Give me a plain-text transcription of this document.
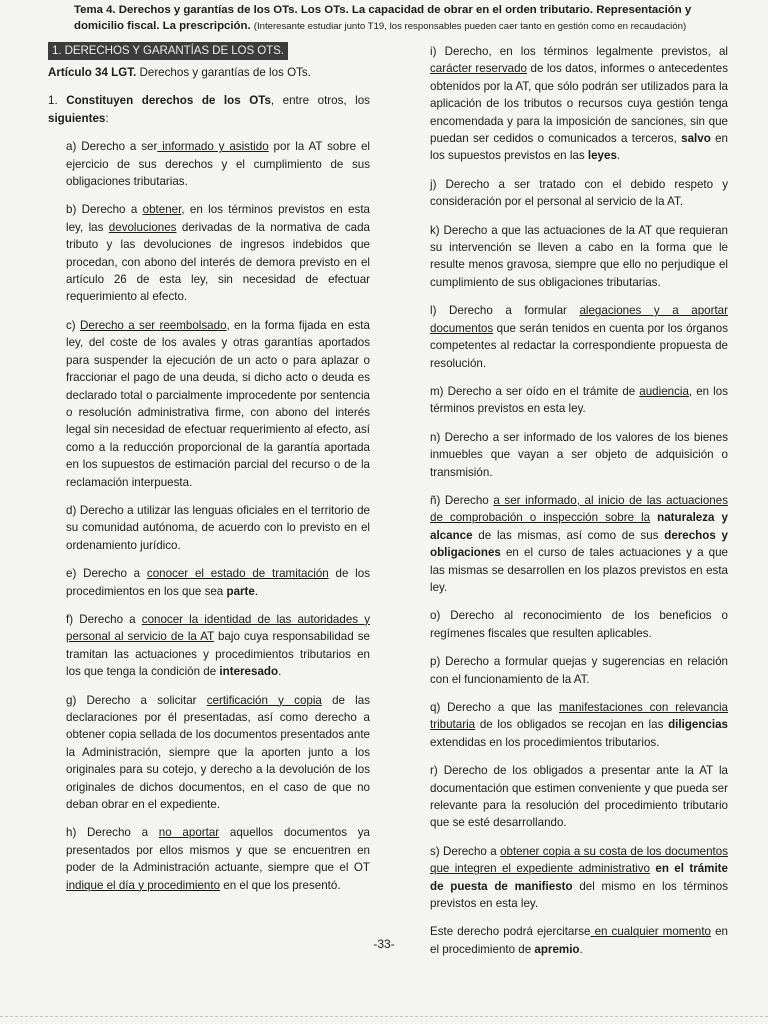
Tema 4. Derechos y garantías de los OTs. Los OTs. La capacidad de obrar en el orden tributario. Representación y domicilio fiscal. La prescripción. (Interesante estudiar junto T19, los responsables pueden caer tanto en gestión como en recaudación)
1. DERECHOS Y GARANTÍAS DE LOS OTS.

Artículo 34 LGT. Derechos y garantías de los OTs.

1. Constituyen derechos de los OTs, entre otros, los siguientes:

a) Derecho a ser informado y asistido por la AT sobre el ejercicio de sus derechos y el cumplimiento de sus obligaciones tributarias.

b) Derecho a obtener, en los términos previstos en esta ley, las devoluciones derivadas de la normativa de cada tributo y las devoluciones de ingresos indebidos que procedan, con abono del interés de demora previsto en el artículo 26 de esta ley, sin necesidad de efectuar requerimiento al efecto.

c) Derecho a ser reembolsado, en la forma fijada en esta ley, del coste de los avales y otras garantías aportados para suspender la ejecución de un acto o para aplazar o fraccionar el pago de una deuda, si dicho acto o deuda es declarado total o parcialmente improcedente por sentencia o resolución administrativa firme, con abono del interés legal sin necesidad de efectuar requerimiento al efecto, así como a la reducción proporcional de la garantía aportada en los supuestos de estimación parcial del recurso o de la reclamación interpuesta.

d) Derecho a utilizar las lenguas oficiales en el territorio de su comunidad autónoma, de acuerdo con lo previsto en el ordenamiento jurídico.

e) Derecho a conocer el estado de tramitación de los procedimientos en los que sea parte.

f) Derecho a conocer la identidad de las autoridades y personal al servicio de la AT bajo cuya responsabilidad se tramitan las actuaciones y procedimientos tributarios en los que tenga la condición de interesado.

g) Derecho a solicitar certificación y copia de las declaraciones por él presentadas, así como derecho a obtener copia sellada de los documentos presentados ante la Administración, siempre que la aporten junto a los originales para su cotejo, y derecho a la devolución de los originales de dichos documentos, en el caso de que no deban obrar en el expediente.

h) Derecho a no aportar aquellos documentos ya presentados por ellos mismos y que se encuentren en poder de la Administración actuante, siempre que el OT indique el día y procedimiento en el que los presentó.

i) Derecho, en los términos legalmente previstos, al carácter reservado de los datos, informes o antecedentes obtenidos por la AT, que sólo podrán ser utilizados para la aplicación de los tributos o recursos cuya gestión tenga encomendada y para la imposición de sanciones, sin que puedan ser cedidos o comunicados a terceros, salvo en los supuestos previstos en las leyes.

j) Derecho a ser tratado con el debido respeto y consideración por el personal al servicio de la AT.

k) Derecho a que las actuaciones de la AT que requieran su intervención se lleven a cabo en la forma que le resulte menos gravosa, siempre que ello no perjudique el cumplimiento de sus obligaciones tributarias.

l) Derecho a formular alegaciones y a aportar documentos que serán tenidos en cuenta por los órganos competentes al redactar la correspondiente propuesta de resolución.

m) Derecho a ser oído en el trámite de audiencia, en los términos previstos en esta ley.

n) Derecho a ser informado de los valores de los bienes inmuebles que vayan a ser objeto de adquisición o transmisión.

ñ) Derecho a ser informado, al inicio de las actuaciones de comprobación o inspección sobre la naturaleza y alcance de las mismas, así como de sus derechos y obligaciones en el curso de tales actuaciones y a que las mismas se desarrollen en los plazos previstos en esta ley.

o) Derecho al reconocimiento de los beneficios o regímenes fiscales que resulten aplicables.

p) Derecho a formular quejas y sugerencias en relación con el funcionamiento de la AT.

q) Derecho a que las manifestaciones con relevancia tributaria de los obligados se recojan en las diligencias extendidas en los procedimientos tributarios.

r) Derecho de los obligados a presentar ante la AT la documentación que estimen conveniente y que pueda ser relevante para la resolución del procedimiento tributario que se esté desarrollando.

s) Derecho a obtener copia a su costa de los documentos que integren el expediente administrativo en el trámite de puesta de manifiesto del mismo en los términos previstos en esta ley.

Este derecho podrá ejercitarse en cualquier momento en el procedimiento de apremio.

-33-
